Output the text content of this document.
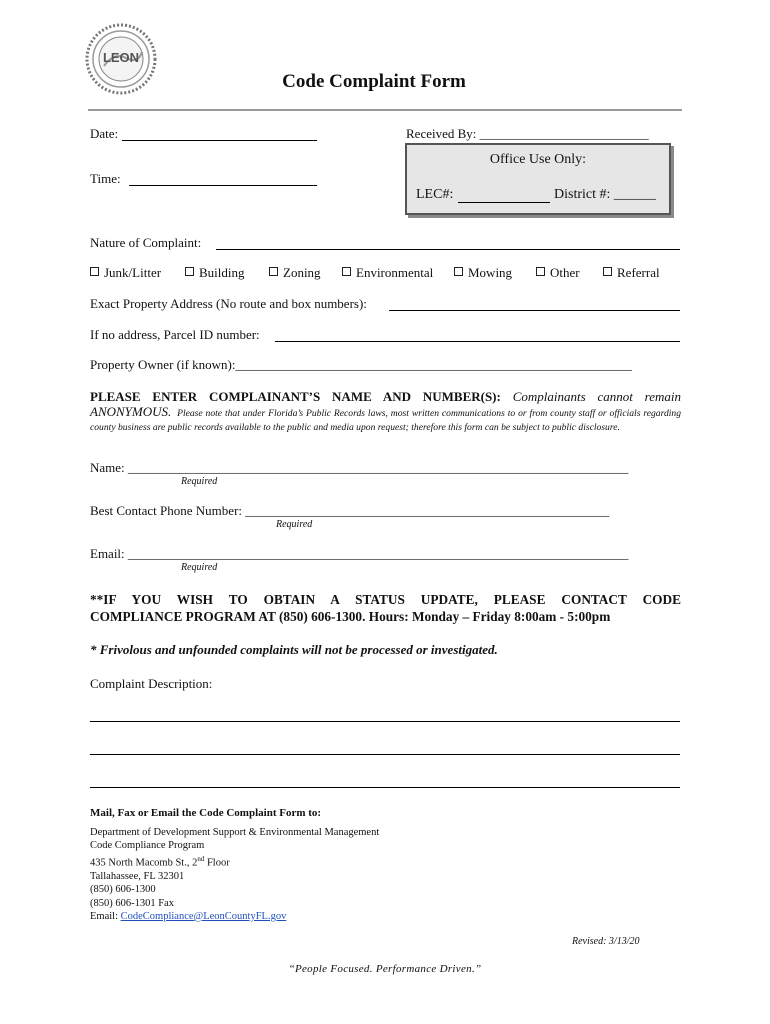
LEON
Code Complaint Form
Date:	Received By: __________________________
Office Use Only:
LEC#:	District #: ______
Time:
Nature of Complaint:
Junk/Litter	Building	Zoning	Environmental	Mowing	Other	Referral
Exact Property Address (No route and box numbers):
If no address, Parcel ID number:
Property Owner (if known):_____________________________________________________________
PLEASE ENTER COMPLAINANT’S NAME AND NUMBER(S): Complainants cannot remain
ANONYMOUS. Please note that under Florida’s Public Records laws, most written communications to or from county staff or officials regarding county business are public records available to the public and media upon request; therefore this form can be subject to public disclosure.
Name: _____________________________________________________________________________
Required
Best Contact Phone Number: ________________________________________________________
Required
Email: _____________________________________________________________________________
Required
**IF YOU WISH TO OBTAIN A STATUS UPDATE, PLEASE CONTACT CODE
COMPLIANCE PROGRAM AT (850) 606-1300. Hours: Monday – Friday 8:00am - 5:00pm
* Frivolous and unfounded complaints will not be processed or investigated.
Complaint Description:
Mail, Fax or Email the Code Complaint Form to:
Department of Development Support & Environmental Management
Code Compliance Program
435 North Macomb St., 2nd Floor
Tallahassee, FL 32301
(850) 606-1300
(850) 606-1301 Fax
Email: CodeCompliance@LeonCountyFL.gov
Revised: 3/13/20
“People Focused. Performance Driven.”
